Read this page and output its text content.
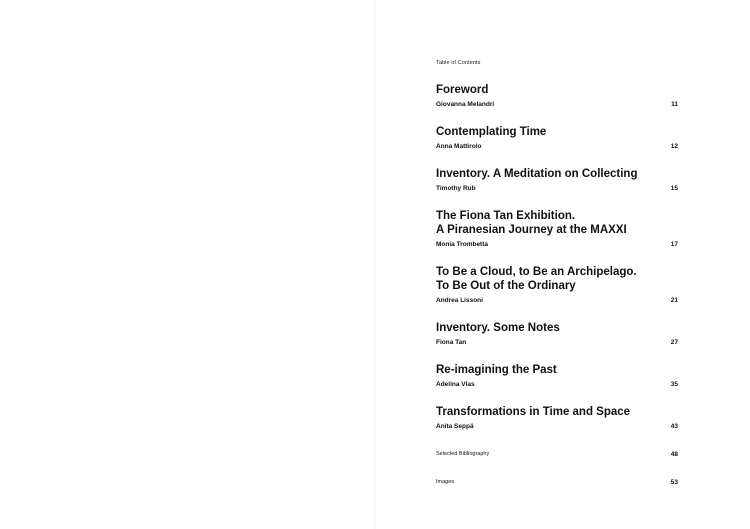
Table of Contents
Foreword
Giovanna Melandri	11
Contemplating Time
Anna Mattirolo	12
Inventory. A Meditation on Collecting
Timothy Rub	15
The Fiona Tan Exhibition.
A Piranesian Journey at the MAXXI
Monia Trombetta	17
To Be a Cloud, to Be an Archipelago.
To Be Out of the Ordinary
Andrea Lissoni	21
Inventory. Some Notes
Fiona Tan	27
Re-imagining the Past
Adelina Vlas	35
Transformations in Time and Space
Anita Seppä	43
Selected Bibliography	48
Images	53
